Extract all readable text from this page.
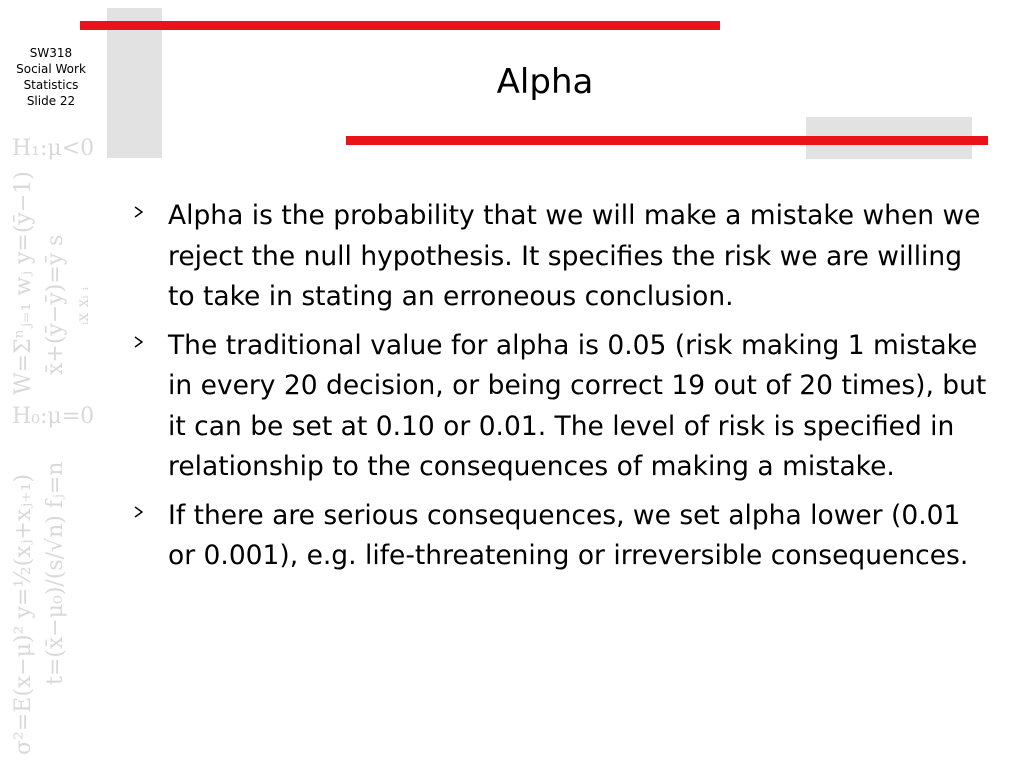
SW318
Social Work
Statistics
Slide 22
H₁:μ<0
H₀:μ=0
σ²=E(x−μ)² y=½(xⱼ+xⱼ₊₁) t=(x̄−μ₀)/(s/√n) fⱼ=n
W=Σⁿⱼ₌₁ wⱼ y=(ȳ−1) x̄+(ȳ−ȳ)=ȳ s ᵢx xᵢ ᵢ
Alpha
Alpha is the probability that we will make a mistake when we reject the null hypothesis. It specifies the risk we are willing to take in stating an erroneous conclusion.
The traditional value for alpha is 0.05 (risk making 1 mistake in every 20 decision, or being correct 19 out of 20 times), but it can be set at 0.10 or 0.01. The level of risk is specified in relationship to the consequences of making a mistake.
If there are serious consequences, we set alpha lower (0.01 or 0.001), e.g. life-threatening or irreversible consequences.
